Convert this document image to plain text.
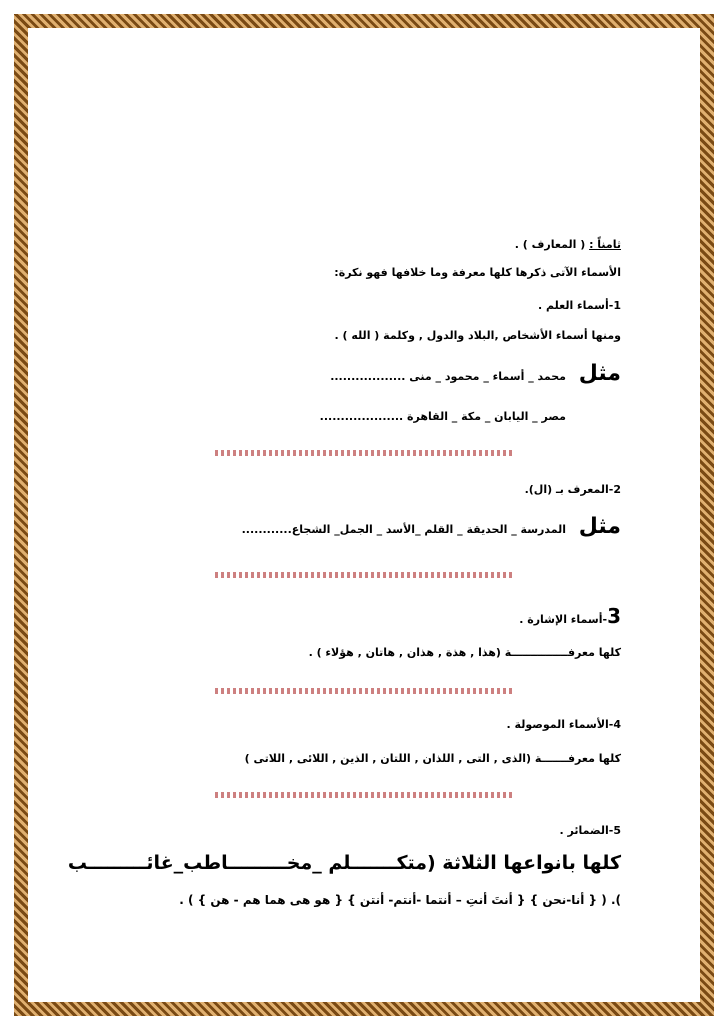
ثامناً : ( المعارف ) .
الأسماء الآتى ذكرها كلها معرفة وما خلافها فهو نكرة:
1-أسماء العلم .
ومنها أسماء الأشخاص ,البلاد والدول , وكلمة ( الله ) .
مثل
محمد _ أسماء _ محمود _ منى ..................
مصر _ اليابان _ مكة _ القاهرة ....................
2-المعرف بـ (ال).
مثل
المدرسة _ الحديقة _ القلم _الأسد _ الجمل_ الشجاع............
3-أسماء الإشارة .
كلها معرفـــــــــــــــة (هذا , هذة , هذان , هاتان , هؤلاء ) .
4-الأسماء الموصولة .
كلها معرفـــــــة (الذى , التى , اللذان , اللتان , الذين , اللائى , اللاتى )
5-الضمائر .
كلها بانواعها الثلاثة (متكـــــــلم _مخـــــــــاطب_غائـــــــــب
). ( { أنا-نحن } { أنتَ أنتِ – أنتما -أنتم- أنتن } { هو هى هما هم - هن } ) .
